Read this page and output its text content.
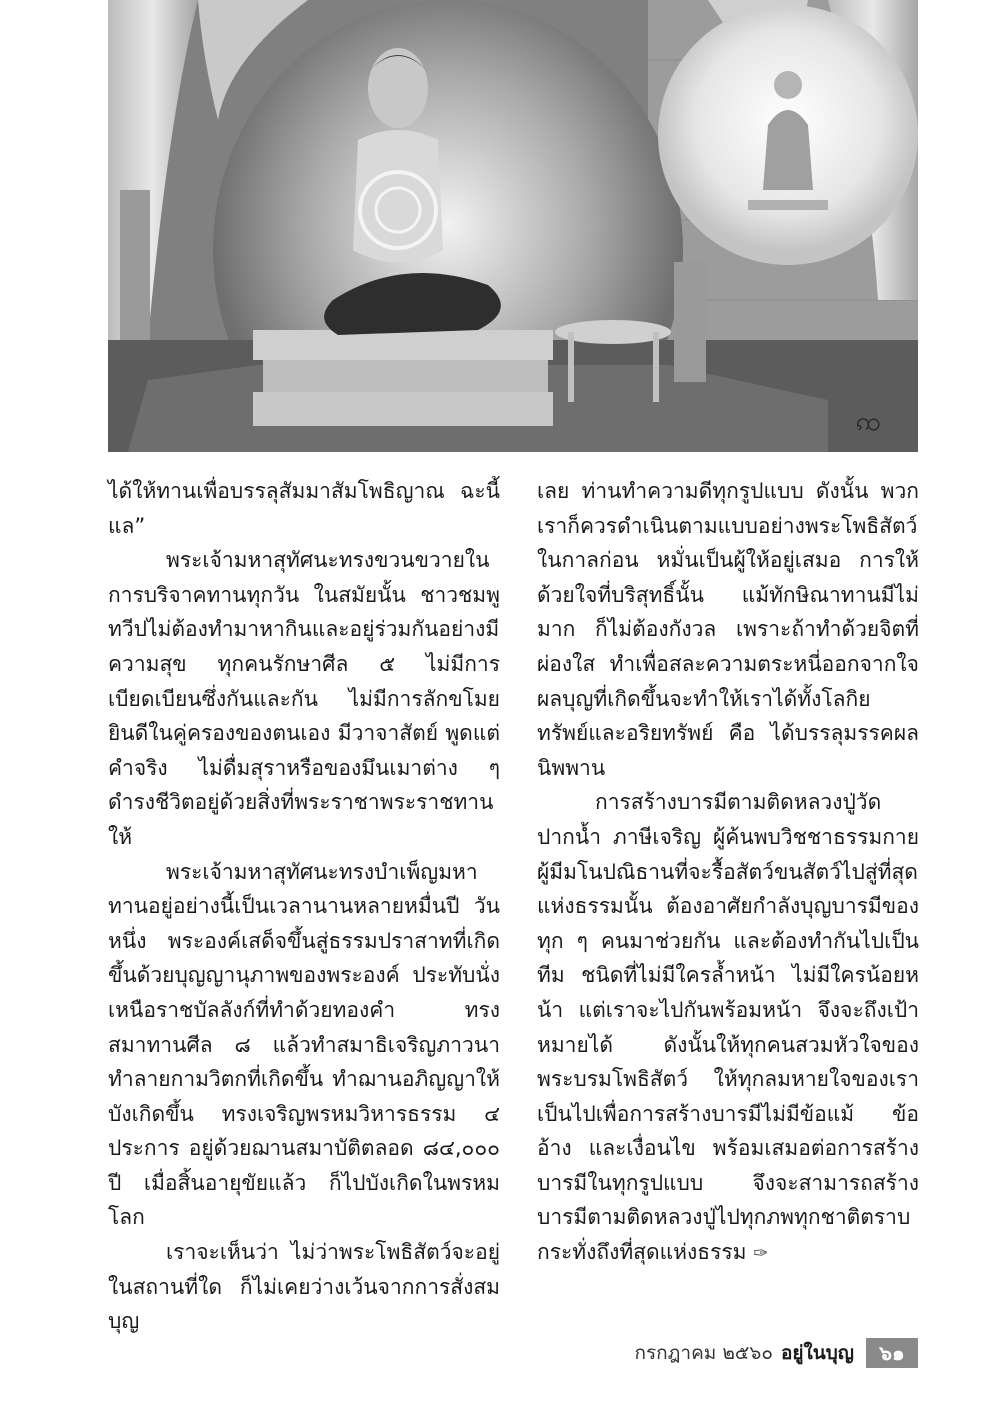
ꩡ

ได้ให้ทานเพื่อบรรลุสัมมาสัมโพธิญาณ ฉะนี้แล”

พระเจ้ามหาสุทัศนะทรงขวนขวายในการบริจาคทานทุกวัน ในสมัยนั้น ชาวชมพูทวีปไม่ต้องทำมาหากินและอยู่ร่วมกันอย่างมีความสุข ทุกคนรักษาศีล ๕ ไม่มีการเบียดเบียนซึ่งกันและกัน ไม่มีการลักขโมย ยินดีในคู่ครองของตนเอง มีวาจาสัตย์ พูดแต่คำจริง ไม่ดื่มสุราหรือของมึนเมาต่าง ๆ ดำรงชีวิตอยู่ด้วยสิ่งที่พระราชาพระราชทานให้

พระเจ้ามหาสุทัศนะทรงบำเพ็ญมหาทานอยู่อย่างนี้เป็นเวลานานหลายหมื่นปี วันหนึ่ง พระองค์เสด็จขึ้นสู่ธรรมปราสาทที่เกิดขึ้นด้วยบุญญานุภาพของพระองค์ ประทับนั่งเหนือราชบัลลังก์ที่ทำด้วยทองคำ ทรงสมาทานศีล ๘ แล้วทำสมาธิเจริญภาวนาทำลายกามวิตกที่เกิดขึ้น ทำฌานอภิญญาให้บังเกิดขึ้น ทรงเจริญพรหมวิหารธรรม ๔ ประการ อยู่ด้วยฌานสมาบัติตลอด ๘๔,๐๐๐ ปี เมื่อสิ้นอายุขัยแล้ว ก็ไปบังเกิดในพรหมโลก

เราจะเห็นว่า ไม่ว่าพระโพธิสัตว์จะอยู่ในสถานที่ใด ก็ไม่เคยว่างเว้นจากการสั่งสมบุญ

เลย ท่านทำความดีทุกรูปแบบ ดังนั้น พวกเราก็ควรดำเนินตามแบบอย่างพระโพธิสัตว์ในกาลก่อน หมั่นเป็นผู้ให้อยู่เสมอ การให้ด้วยใจที่บริสุทธิ์นั้น แม้ทักษิณาทานมีไม่มาก ก็ไม่ต้องกังวล เพราะถ้าทำด้วยจิตที่ผ่องใส ทำเพื่อสละความตระหนี่ออกจากใจ ผลบุญที่เกิดขึ้นจะทำให้เราได้ทั้งโลกิยทรัพย์และอริยทรัพย์ คือ ได้บรรลุมรรคผลนิพพาน

การสร้างบารมีตามติดหลวงปู่วัดปากน้ำ ภาษีเจริญ ผู้ค้นพบวิชชาธรรมกาย ผู้มีมโนปณิธานที่จะรื้อสัตว์ขนสัตว์ไปสู่ที่สุดแห่งธรรมนั้น ต้องอาศัยกำลังบุญบารมีของทุก ๆ คนมาช่วยกัน และต้องทำกันไปเป็นทีม ชนิดที่ไม่มีใครล้ำหน้า ไม่มีใครน้อยหน้า แต่เราจะไปกันพร้อมหน้า จึงจะถึงเป้าหมายได้ ดังนั้นให้ทุกคนสวมหัวใจของพระบรมโพธิสัตว์ ให้ทุกลมหายใจของเราเป็นไปเพื่อการสร้างบารมีไม่มีข้อแม้ ข้ออ้าง และเงื่อนไข พร้อมเสมอต่อการสร้างบารมีในทุกรูปแบบ จึงจะสามารถสร้างบารมีตามติดหลวงปู่ไปทุกภพทุกชาติตราบกระทั่งถึงที่สุดแห่งธรรม ✑

กรกฎาคม ๒๕๖๐ อยู่ในบุญ	๖๑
